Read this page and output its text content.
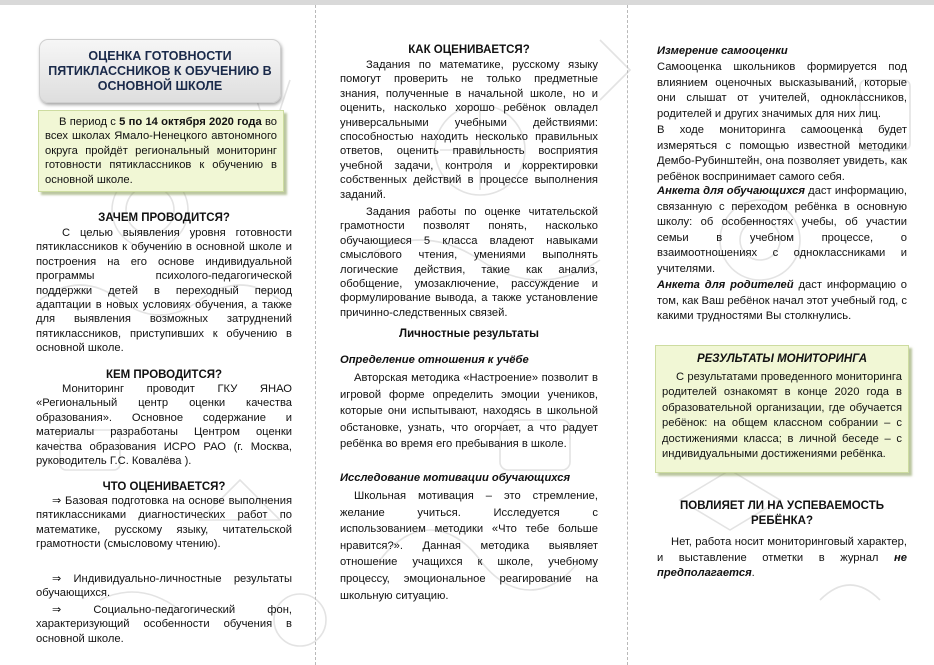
ОЦЕНКА ГОТОВНОСТИ ПЯТИКЛАССНИКОВ К ОБУЧЕНИЮ В ОСНОВНОЙ ШКОЛЕ

В период с 5 по 14 октября 2020 года во всех школах Ямало-Ненецкого автономного округа пройдёт региональный мониторинг готовности пятиклассников к обучению в основной школе.

ЗАЧЕМ ПРОВОДИТСЯ?

С целью выявления уровня готовности пятиклассников к обучению в основной школе и построения на его основе индивидуальной программы психолого-педагогической поддержки детей в переходный период адаптации в новых условиях обучения, а также для выявления возможных затруднений пятиклассников, приступивших к обучению в основной школе.

КЕМ ПРОВОДИТСЯ?

Мониторинг проводит ГКУ ЯНАО «Региональный центр оценки качества образования». Основное содержание и материалы разработаны Центром оценки качества образования ИСРО РАО (г. Москва, руководитель Г.С. Ковалёва ).

ЧТО ОЦЕНИВАЕТСЯ?

⇒ Базовая подготовка на основе выполнения пятиклассниками диагностических работ по математике, русскому языку, читательской грамотности (смысловому чтению).

⇒ Индивидуально-личностные результаты обучающихся.

⇒	Социально-педагогический фон, характеризующий особенности обучения в основной школе.

КАК ОЦЕНИВАЕТСЯ?

Задания по математике, русскому языку помогут проверить не только предметные знания, полученные в начальной школе, но и оценить, насколько хорошо ребёнок овладел универсальными учебными действиями: способностью находить несколько правильных ответов, оценить правильность восприятия учебной задачи, контроля и корректировки собственных действий в процессе выполнения заданий.

Задания работы по оценке читательской грамотности позволят понять, насколько обучающиеся 5 класса владеют навыками смыслового чтения, умениями выполнять логические действия, такие как анализ, обобщение, умозаключение, рассуждение и формулирование вывода, а также установление причинно-следственных связей.

Личностные результаты

Определение отношения к учёбе

Авторская методика «Настроение» позволит в игровой форме определить эмоции учеников, которые они испытывают, находясь в школьной обстановке, узнать, что огорчает, а что радует ребёнка во время его пребывания в школе.

Исследование мотивации обучающихся

Школьная мотивация – это стремление, желание учиться. Исследуется с использованием методики «Что тебе больше нравится?». Данная методика выявляет отношение учащихся к школе, учебному процессу, эмоциональное реагирование на школьную ситуацию.

Измерение самооценки

Самооценка школьников формируется под влиянием оценочных высказываний, которые они слышат от учителей, одноклассников, родителей и других значимых для них лиц.

В ходе мониторинга самооценка будет измеряться с помощью известной методики Дембо-Рубинштейн, она позволяет увидеть, как ребёнок воспринимает самого себя.

Анкета для обучающихся даст информацию, связанную с переходом ребёнка в основную школу: об особенностях учебы, об участии семьи в учебном процессе, о взаимоотношениях с одноклассниками и учителями.

Анкета для родителей даст информацию о том, как Ваш ребёнок начал этот учебный год, с какими трудностями Вы столкнулись.

РЕЗУЛЬТАТЫ МОНИТОРИНГА

С результатами проведенного мониторинга родителей ознакомят в конце 2020 года в образовательной организации, где обучается ребёнок: на общем классном собрании – с достижениями класса; в личной беседе – с индивидуальными достижениями ребёнка.

ПОВЛИЯЕТ ЛИ НА УСПЕВАЕМОСТЬ РЕБЁНКА?

Нет, работа носит мониторинговый характер, и выставление отметки в журнал не предполагается.
